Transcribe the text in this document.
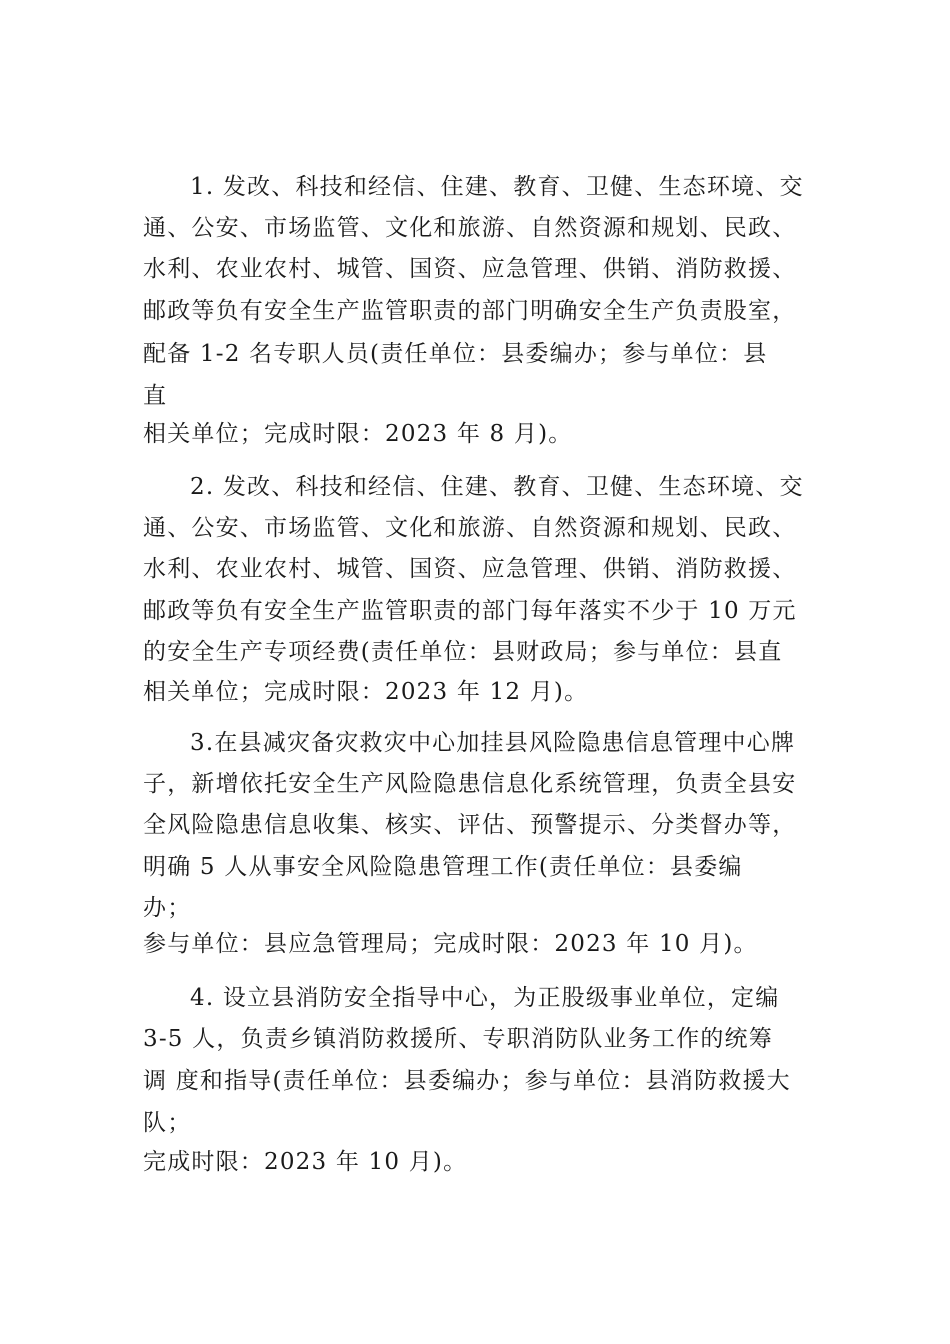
1. 发改、科技和经信、住建、教育、卫健、生态环境、交
通、公安、市场监管、文化和旅游、自然资源和规划、民政、
水利、农业农村、城管、国资、应急管理、供销、消防救援、
邮政等负有安全生产监管职责的部门明确安全生产负责股室，
配备 1-2 名专职人员(责任单位：县委编办；参与单位：县
直
相关单位；完成时限：2023 年 8 月)。
2. 发改、科技和经信、住建、教育、卫健、生态环境、交
通、公安、市场监管、文化和旅游、自然资源和规划、民政、
水利、农业农村、城管、国资、应急管理、供销、消防救援、
邮政等负有安全生产监管职责的部门每年落实不少于 10 万元
的安全生产专项经费(责任单位：县财政局；参与单位：县直
相关单位；完成时限：2023 年 12 月)。
3.在县减灾备灾救灾中心加挂县风险隐患信息管理中心牌
子，新增依托安全生产风险隐患信息化系统管理，负责全县安
全风险隐患信息收集、核实、评估、预警提示、分类督办等，
明确 5 人从事安全风险隐患管理工作(责任单位：县委编
办；
参与单位：县应急管理局；完成时限：2023 年 10 月)。
4. 设立县消防安全指导中心，为正股级事业单位，定编
3-5 人，负责乡镇消防救援所、专职消防队业务工作的统筹
调 度和指导(责任单位：县委编办；参与单位：县消防救援大
队；
完成时限：2023 年 10 月)。
